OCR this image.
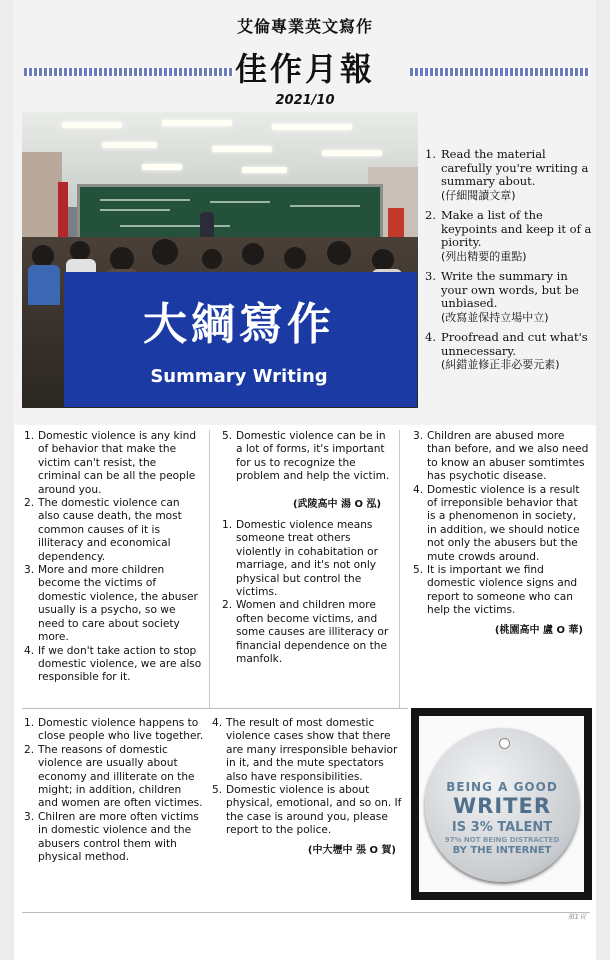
艾倫專業英文寫作
佳作月報
2021/10
大綱寫作
Summary Writing
1. Read the material carefully you're writing a summary about.
(仔細閱讀文章)
2. Make a list of the keypoints and keep it of a piority.
(列出精要的重點)
3. Write the summary in your own words, but be unbiased.
(改寫並保持立場中立)
4. Proofread and cut what's unnecessary.
(糾錯並修正非必要元素)
1. Domestic violence is any kind of behavior that make the victim can't resist, the criminal can be all the people around you.
2. The domestic violence can also cause death, the most common causes of it is illiteracy and economical dependency.
3. More and more children become the victims of domestic violence, the abuser usually is a psycho, so we need to care about society more.
4. If we don't take action to stop domestic violence, we are also responsible for it.
5. Domestic violence can be in a lot of forms, it's important for us to recognize the problem and help the victim.
(武陵高中 湯 O 泓)
1. Domestic violence means someone treat others violently in cohabitation or marriage, and it's not only physical but control the victims.
2. Women and children more often become victims, and some causes are illiteracy or financial dependence on the manfolk.
3. Children are abused more than before, and we also need to know an abuser somtimtes has psychotic disease.
4. Domestic violence is a result of irreponsible behavior that is a phenomenon in society, in addition, we should notice not only the abusers but the mute crowds around.
5. It is important we find domestic violence signs and report to someone who can help the victims.
(桃園高中 盧 O 華)
1. Domestic violence happens to close people who live together.
2. The reasons of domestic violence are usually about economy and illiterate on the might; in addition, children and women are often victimes.
3. Chilren are more often victims in domestic violence and the abusers control them with physical method.
4. The result of most domestic violence cases show that there are many irresponsible behavior in it, and the mute spectators also have responsibilities.
5. Domestic violence is about physical, emotional, and so on. If the case is around you, please report to the police.
(中大壢中 張 O 賀)
BEING A GOOD
WRITER
IS 3% TALENT
97% NOT BEING DISTRACTED
BY THE INTERNET
第1頁
